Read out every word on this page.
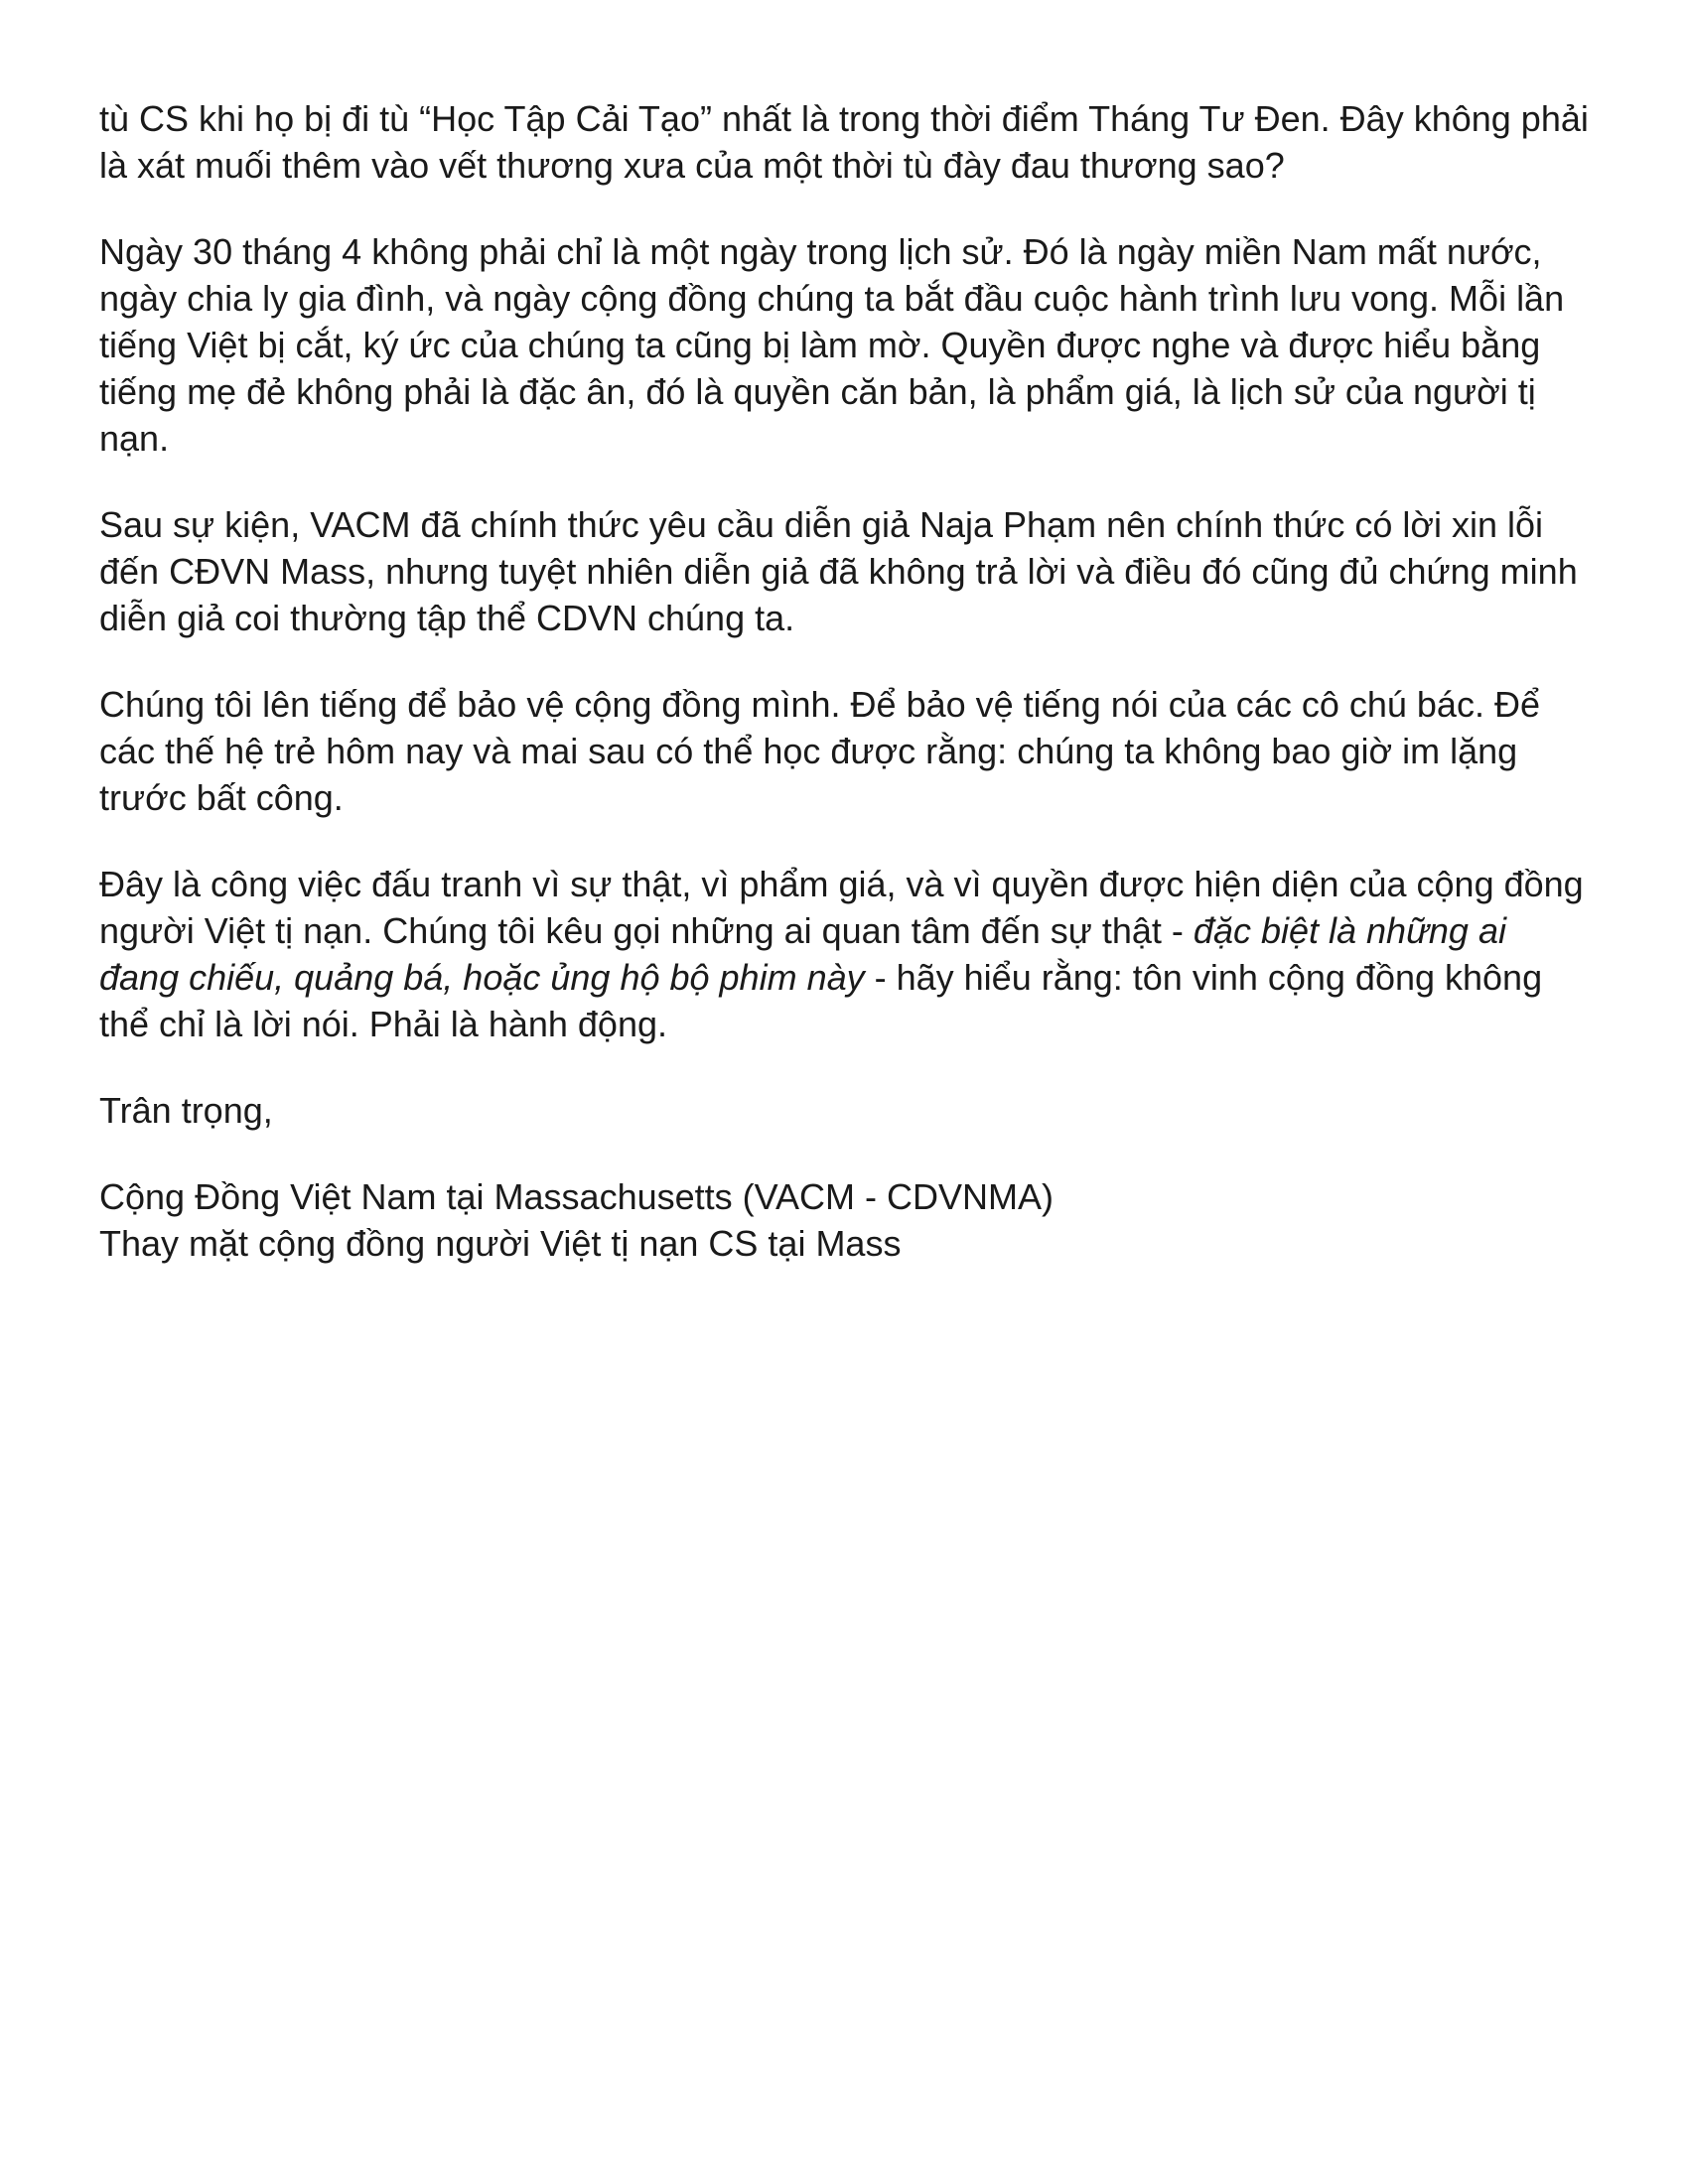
tù CS khi họ bị đi tù “Học Tập Cải Tạo” nhất là trong thời điểm Tháng Tư Đen. Đây không phải là xát muối thêm vào vết thương xưa của một thời tù đày đau thương sao?

Ngày 30 tháng 4 không phải chỉ là một ngày trong lịch sử. Đó là ngày miền Nam mất nước, ngày chia ly gia đình, và ngày cộng đồng chúng ta bắt đầu cuộc hành trình lưu vong. Mỗi lần tiếng Việt bị cắt, ký ức của chúng ta cũng bị làm mờ. Quyền được nghe và được hiểu bằng tiếng mẹ đẻ không phải là đặc ân, đó là quyền căn bản, là phẩm giá, là lịch sử của người tị nạn.

Sau sự kiện, VACM đã chính thức yêu cầu diễn giả Naja Phạm nên chính thức có lời xin lỗi đến CĐVN Mass, nhưng tuyệt nhiên diễn giả đã không trả lời và điều đó cũng đủ chứng minh diễn giả coi thường tập thể CDVN chúng ta.

Chúng tôi lên tiếng để bảo vệ cộng đồng mình. Để bảo vệ tiếng nói của các cô chú bác. Để các thế hệ trẻ hôm nay và mai sau có thể học được rằng: chúng ta không bao giờ im lặng trước bất công.

Đây là công việc đấu tranh vì sự thật, vì phẩm giá, và vì quyền được hiện diện của cộng đồng người Việt tị nạn. Chúng tôi kêu gọi những ai quan tâm đến sự thật - đặc biệt là những ai đang chiếu, quảng bá, hoặc ủng hộ bộ phim này - hãy hiểu rằng: tôn vinh cộng đồng không thể chỉ là lời nói. Phải là hành động.

Trân trọng,

Cộng Đồng Việt Nam tại Massachusetts (VACM - CDVNMA)
Thay mặt cộng đồng người Việt tị nạn CS tại Mass
